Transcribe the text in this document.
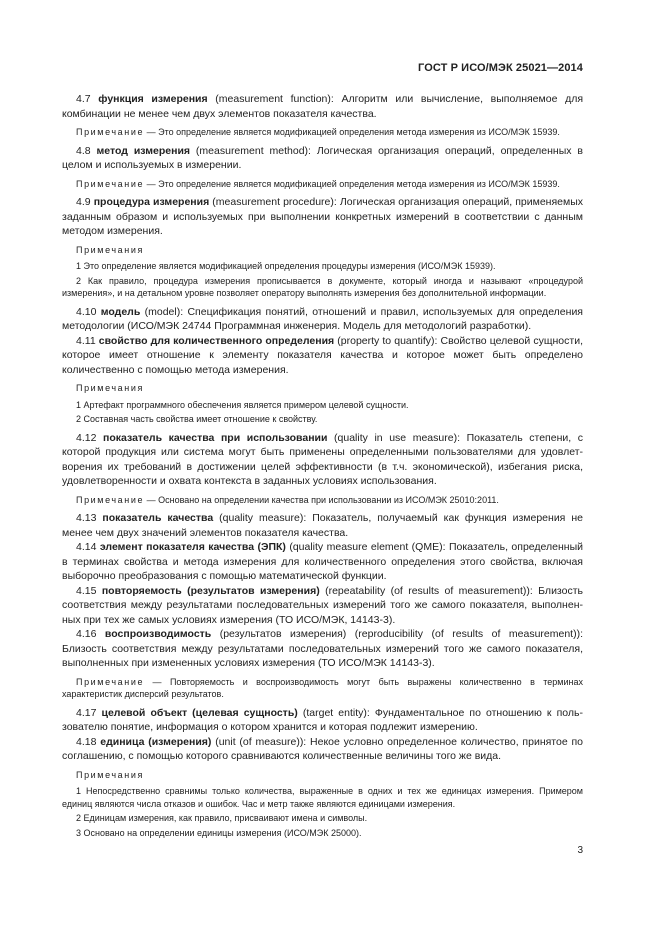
ГОСТ Р ИСО/МЭК 25021—2014

4.7 функция измерения (measurement function): Алгоритм или вычисление, выполняемое для комбинации не менее чем двух элементов показателя качества.

Примечание — Это определение является модификацией определения метода измерения из ИСО/МЭК 15939.

4.8 метод измерения (measurement method): Логическая организация операций, определенных в целом и используемых в измерении.

Примечание — Это определение является модификацией определения метода измерения из ИСО/МЭК 15939.

4.9 процедура измерения (measurement procedure): Логическая организация операций, применяемых заданным образом и используемых при выполнении конкретных измерений в соответствии с данным методом измерения.

Примечания

1 Это определение является модификацией определения процедуры измерения (ИСО/МЭК 15939).

2 Как правило, процедура измерения прописывается в документе, который иногда и называют «процедурой измерения», и на детальном уровне позволяет оператору выполнять измерения без дополнительной информации.

4.10 модель (model): Спецификация понятий, отношений и правил, используемых для определения методологии (ИСО/МЭК 24744 Программная инженерия. Модель для методологий разработки).

4.11 свойство для количественного определения (property to quantify): Свойство целевой сущности, которое имеет отношение к элементу показателя качества и которое может быть определено количественно с помощью метода измерения.

Примечания

1 Артефакт программного обеспечения является примером целевой сущности.

2 Составная часть свойства имеет отношение к свойству.

4.12 показатель качества при использовании (quality in use measure): Показатель степени, с которой продукция или система могут быть применены определенными пользователями для удовлетворения их требований в достижении целей эффективности (в т.ч. экономической), избегания риска, удовлетворенности и охвата контекста в заданных условиях использования.

Примечание — Основано на определении качества при использовании из ИСО/МЭК 25010:2011.

4.13 показатель качества (quality measure): Показатель, получаемый как функция измерения не менее чем двух значений элементов показателя качества.

4.14 элемент показателя качества (ЭПК) (quality measure element (QME): Показатель, определенный в терминах свойства и метода измерения для количественного определения этого свойства, включая выборочно преобразования с помощью математической функции.

4.15 повторяемость (результатов измерения) (repeatability (of results of measurement)): Близость соответствия между результатами последовательных измерений того же самого показателя, выполненных при тех же самых условиях измерения (ТО ИСО/МЭК, 14143-3).

4.16 воспроизводимость (результатов измерения) (reproducibility (of results of measurement)): Близость соответствия между результатами последовательных измерений того же самого показателя, выполненных при измененных условиях измерения (ТО ИСО/МЭК 14143-3).

Примечание — Повторяемость и воспроизводимость могут быть выражены количественно в терминах характеристик дисперсий результатов.

4.17 целевой объект (целевая сущность) (target entity): Фундаментальное по отношению к пользователю понятие, информация о котором хранится и которая подлежит измерению.

4.18 единица (измерения) (unit (of measure)): Некое условно определенное количество, принятое по соглашению, с помощью которого сравниваются количественные величины того же вида.

Примечания

1 Непосредственно сравнимы только количества, выраженные в одних и тех же единицах измерения. Примером единиц являются числа отказов и ошибок. Час и метр также являются единицами измерения.

2 Единицам измерения, как правило, присваивают имена и символы.

3 Основано на определении единицы измерения (ИСО/МЭК 25000).

3
